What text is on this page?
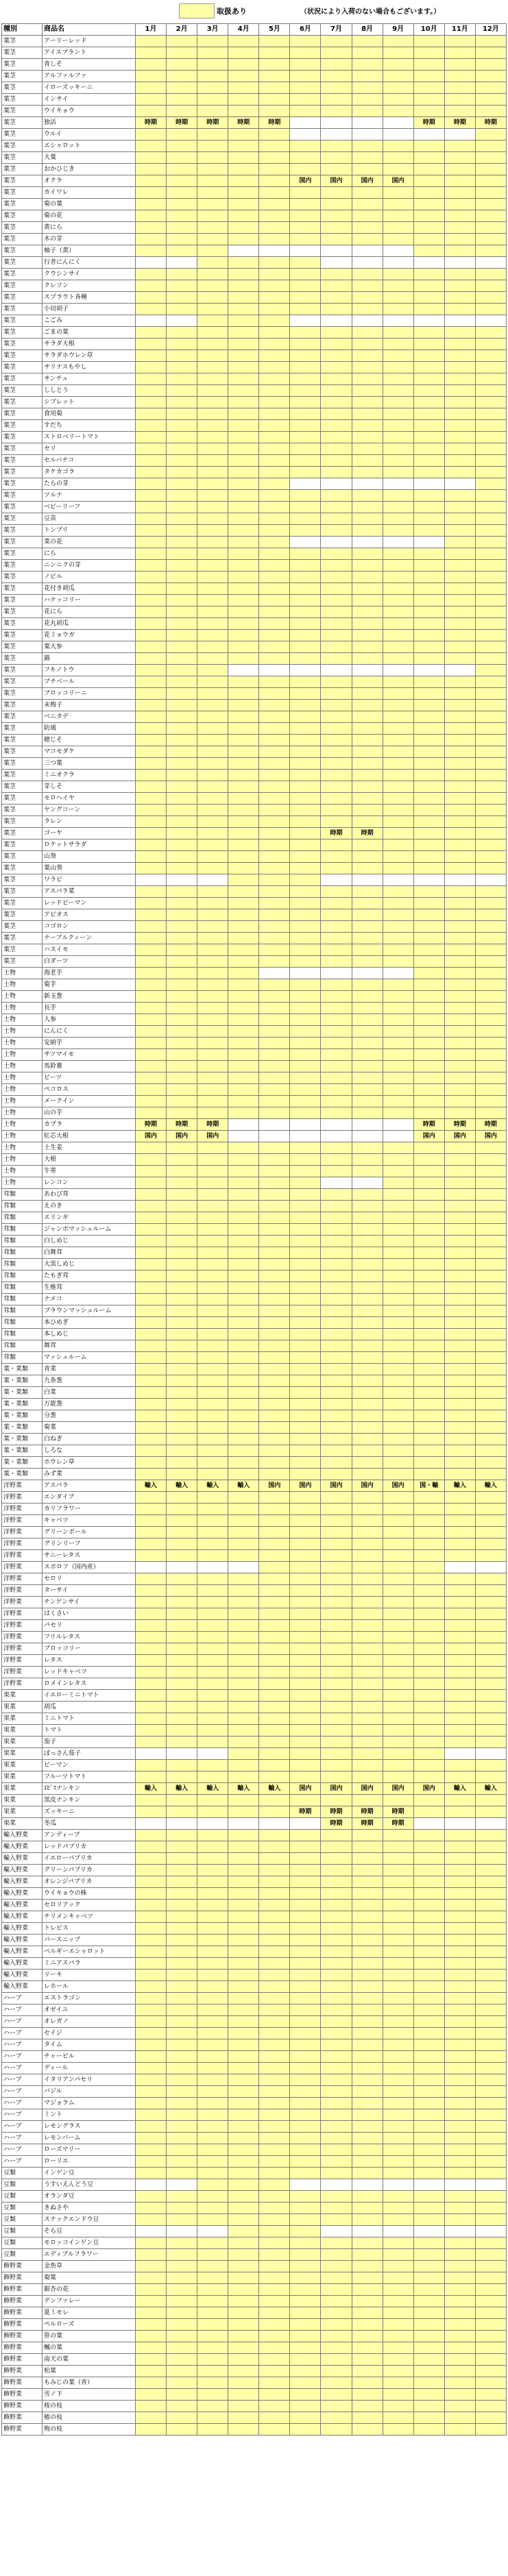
取扱あり	（状況により入荷のない場合もございます。）
種別	商品名	1月	2月	3月	4月	5月	6月	7月	8月	9月	10月	11月	12月
葉茎	アーリーレッド												
葉茎	アイスプラント												
葉茎	青しそ												
葉茎	アルファルファ												
葉茎	イローズッキーニ												
葉茎	インサイ												
葉茎	ウイキョウ												
葉茎	独活	時期	時期	時期	時期	時期					時期	時期	時期
葉茎	ウルイ												
葉茎	エシャロット												
葉茎	大葉												
葉茎	おかひじき												
葉茎	オクラ						国内	国内	国内	国内			
葉茎	カイワレ												
葉茎	菊の葉												
葉茎	菊の花												
葉茎	黄にら												
葉茎	木の芽												
葉茎	柚子（黄）												
葉茎	行者にんにく												
葉茎	クウシンサイ												
葉茎	クレソン												
葉茎	スプラウト各種												
葉茎	小切胡子												
葉茎	こごみ												
葉茎	ごまの葉												
葉茎	サラダ大根												
葉茎	サラダホウレン草												
葉茎	サリナスもやし												
葉茎	サンチュ												
葉茎	ししとう												
葉茎	シブレット												
葉茎	食用菊												
葉茎	すだち												
葉茎	ストロベリートマト												
葉茎	セリ												
葉茎	セルバチコ												
葉茎	タケカゴラ												
葉茎	たらの芽												
葉茎	ツルナ												
葉茎	ベビーリーフ												
葉茎	豆苗												
葉茎	トンブリ												
葉茎	菜の花												
葉茎	にら												
葉茎	ニンニクの芽												
葉茎	ノビル												
葉茎	花付き胡瓜												
葉茎	ハナッコリー												
葉茎	花にら												
葉茎	花丸胡瓜												
葉茎	花ミョウガ												
葉茎	葉大参												
葉茎	蕗												
葉茎	フキノトウ												
葉茎	プチベール												
葉茎	ブロッコリーニ												
葉茎	末梅子												
葉茎	ベニタデ												
葉茎	防風												
葉茎	穂じそ												
葉茎	マコモダケ												
葉茎	三つ葉												
葉茎	ミニオクラ												
葉茎	芽しそ												
葉茎	モロヘイヤ												
葉茎	ヤングコーン												
葉茎	ラレン												
葉茎	ゴーヤ							時期	時期				
葉茎	ロケットサラダ												
葉茎	山葵												
葉茎	葉山葵												
葉茎	ワラビ												
葉茎	アスパラ菜												
葉茎	レッドピーマン												
葉茎	アピオス												
葉茎	コゴロン												
葉茎	テーブルクィーン												
葉茎	ハスイモ												
葉茎	白ダーツ												
土物	海老芋												
土物	菊芋												
土物	新玉葱												
土物	長芋												
土物	人参												
土物	にんにく												
土物	安納芋												
土物	サツマイモ												
土物	馬鈴薯												
土物	ビーツ												
土物	ペコロス												
土物	メークイン												
土物	山の芋												
土物	カブラ	時期	時期	時期							時期	時期	時期
土物	紅芯大根	国内	国内	国内							国内	国内	国内
土物	土生姜												
土物	大根												
土物	牛蒡												
土物	レンコン												
茸類	あわび茸												
茸類	えのき												
茸類	エリンギ												
茸類	ジャンボマッシュルーム												
茸類	白しめじ												
茸類	白舞茸												
茸類	大黒しめじ												
茸類	たもぎ茸												
茸類	生椎茸												
茸類	ナメコ												
茸類	ブラウンマッシュルーム												
茸類	本ひめぎ												
茸類	本しめじ												
茸類	舞茸												
茸類	マッシュルーム												
葉・菜類	青菜												
葉・菜類	九条葱												
葉・菜類	白菜												
葉・菜類	万能葱												
葉・菜類	分葱												
葉・菜類	菊菜												
葉・菜類	白ねぎ												
葉・菜類	しろな												
葉・菜類	ホウレン草												
葉・菜類	みず菜												
洋野菜	アスパラ	輸入	輸入	輸入	輸入	国内	国内	国内	国内	国内	国・輸	輸入	輸入
洋野菜	エンダイブ												
洋野菜	カリフラワー												
洋野菜	キャベツ												
洋野菜	グリーンボール												
洋野菜	グリンリーフ												
洋野菜	サニーレタス												
洋野菜	スポロフ（国内産）												
洋野菜	セロリ												
洋野菜	ターサイ												
洋野菜	チンゲンサイ												
洋野菜	はくさい												
洋野菜	パセリ												
洋野菜	フリルレタス												
洋野菜	ブロッコリー												
洋野菜	レタス												
洋野菜	レッドキャベツ												
洋野菜	ロメインレタス												
果菜	イエローミニトマト												
果菜	胡瓜												
果菜	ミニトマト												
果菜	トマト												
果菜	茄子												
果菜	ぼっさん茄子												
果菜	ピーマン												
果菜	フルーツトマト												
果菜	ｴﾋﾞｽナンキン	輸入	輸入	輸入	輸入	輸入	国内	国内	国内	国内	国内	輸入	輸入
果菜	黒皮ナンキン												
果菜	ズッキーニ						時期	時期	時期	時期			
果菜	冬瓜							時期	時期	時期			
輸入野菜	アンディーブ												
輸入野菜	レッドパプリカ												
輸入野菜	イエローパプリカ												
輸入野菜	グリーンパプリカ												
輸入野菜	オレンジパプリカ												
輸入野菜	ウイキョウの株												
輸入野菜	セロリアック												
輸入野菜	チリメンキャベツ												
輸入野菜	トレビス												
輸入野菜	パースニップ												
輸入野菜	ベルギーエシャロット												
輸入野菜	ミニアスパラ												
輸入野菜	リーキ												
輸入野菜	レホール												
ハーブ	エストラゴン												
ハーブ	オゼイユ												
ハーブ	オレガノ												
ハーブ	セイジ												
ハーブ	タイム												
ハーブ	チャービル												
ハーブ	ディール												
ハーブ	イタリアンパセリ												
ハーブ	バジル												
ハーブ	マジョラム												
ハーブ	ミント												
ハーブ	レモングラス												
ハーブ	レモンバーム												
ハーブ	ローズマリー												
ハーブ	ローリエ												
豆類	インゲン豆												
豆類	うすいえんどう豆												
豆類	オランダ豆												
豆類	きぬさや												
豆類	スナックエンドウ豆												
豆類	そら豆												
豆類	モロッコインゲン豆												
豆類	エディブルフラワー												
飾野菜	金魚草												
飾野菜	菊葉												
飾野菜	銀杏の花												
飾野菜	デンファレー												
飾野菜	夏ミモレ												
飾野菜	ペルローズ												
飾野菜	笹の葉												
飾野菜	楓の葉												
飾野菜	南天の葉												
飾野菜	松葉												
飾野菜	もみじの葉（青）												
飾野菜	雪ノ下												
飾野菜	桜の枝												
飾野菜	椿の枝												
飾野菜	梅の枝												
